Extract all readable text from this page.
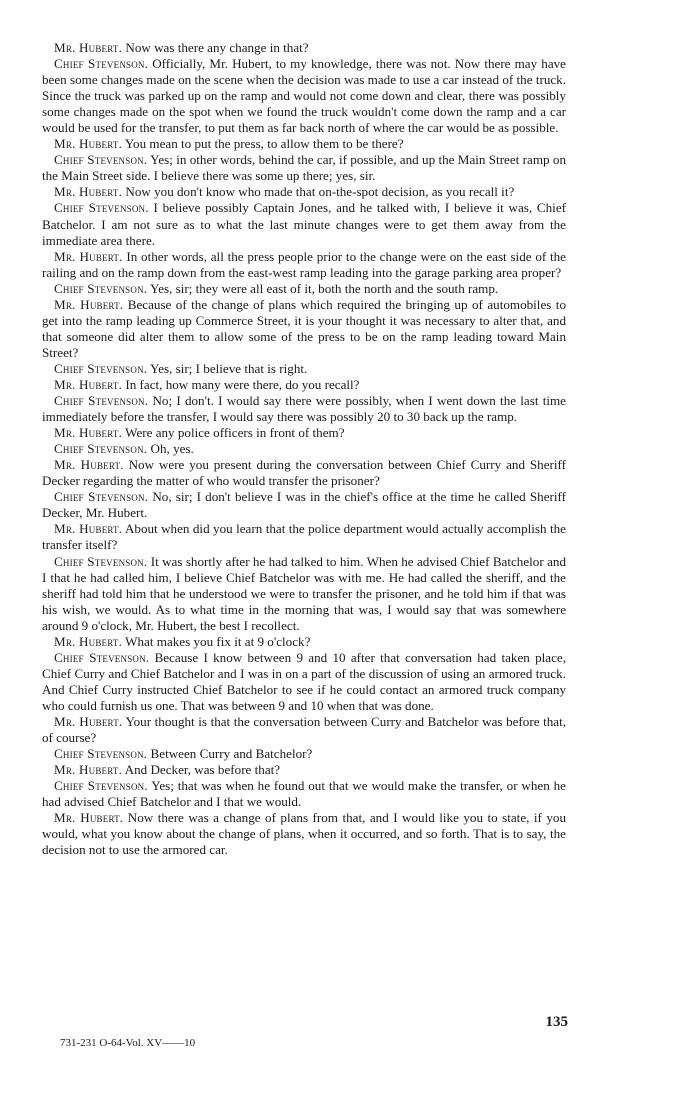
Mr. Hubert. Now was there any change in that?

Chief Stevenson. Officially, Mr. Hubert, to my knowledge, there was not. Now there may have been some changes made on the scene when the decision was made to use a car instead of the truck. Since the truck was parked up on the ramp and would not come down and clear, there was possibly some changes made on the spot when we found the truck wouldn't come down the ramp and a car would be used for the transfer, to put them as far back north of where the car would be as possible.

Mr. Hubert. You mean to put the press, to allow them to be there?

Chief Stevenson. Yes; in other words, behind the car, if possible, and up the Main Street ramp on the Main Street side. I believe there was some up there; yes, sir.

Mr. Hubert. Now you don't know who made that on-the-spot decision, as you recall it?

Chief Stevenson. I believe possibly Captain Jones, and he talked with, I believe it was, Chief Batchelor. I am not sure as to what the last minute changes were to get them away from the immediate area there.

Mr. Hubert. In other words, all the press people prior to the change were on the east side of the railing and on the ramp down from the east-west ramp leading into the garage parking area proper?

Chief Stevenson. Yes, sir; they were all east of it, both the north and the south ramp.

Mr. Hubert. Because of the change of plans which required the bringing up of automobiles to get into the ramp leading up Commerce Street, it is your thought it was necessary to alter that, and that someone did alter them to allow some of the press to be on the ramp leading toward Main Street?

Chief Stevenson. Yes, sir; I believe that is right.

Mr. Hubert. In fact, how many were there, do you recall?

Chief Stevenson. No; I don't. I would say there were possibly, when I went down the last time immediately before the transfer, I would say there was possibly 20 to 30 back up the ramp.

Mr. Hubert. Were any police officers in front of them?

Chief Stevenson. Oh, yes.

Mr. Hubert. Now were you present during the conversation between Chief Curry and Sheriff Decker regarding the matter of who would transfer the prisoner?

Chief Stevenson. No, sir; I don't believe I was in the chief's office at the time he called Sheriff Decker, Mr. Hubert.

Mr. Hubert. About when did you learn that the police department would actually accomplish the transfer itself?

Chief Stevenson. It was shortly after he had talked to him. When he advised Chief Batchelor and I that he had called him, I believe Chief Batchelor was with me. He had called the sheriff, and the sheriff had told him that he understood we were to transfer the prisoner, and he told him if that was his wish, we would. As to what time in the morning that was, I would say that was somewhere around 9 o'clock, Mr. Hubert, the best I recollect.

Mr. Hubert. What makes you fix it at 9 o'clock?

Chief Stevenson. Because I know between 9 and 10 after that conversation had taken place, Chief Curry and Chief Batchelor and I was in on a part of the discussion of using an armored truck. And Chief Curry instructed Chief Batchelor to see if he could contact an armored truck company who could furnish us one. That was between 9 and 10 when that was done.

Mr. Hubert. Your thought is that the conversation between Curry and Batchelor was before that, of course?

Chief Stevenson. Between Curry and Batchelor?

Mr. Hubert. And Decker, was before that?

Chief Stevenson. Yes; that was when he found out that we would make the transfer, or when he had advised Chief Batchelor and I that we would.

Mr. Hubert. Now there was a change of plans from that, and I would like you to state, if you would, what you know about the change of plans, when it occurred, and so forth. That is to say, the decision not to use the armored car.

135
731-231 O-64-Vol. XV——10
